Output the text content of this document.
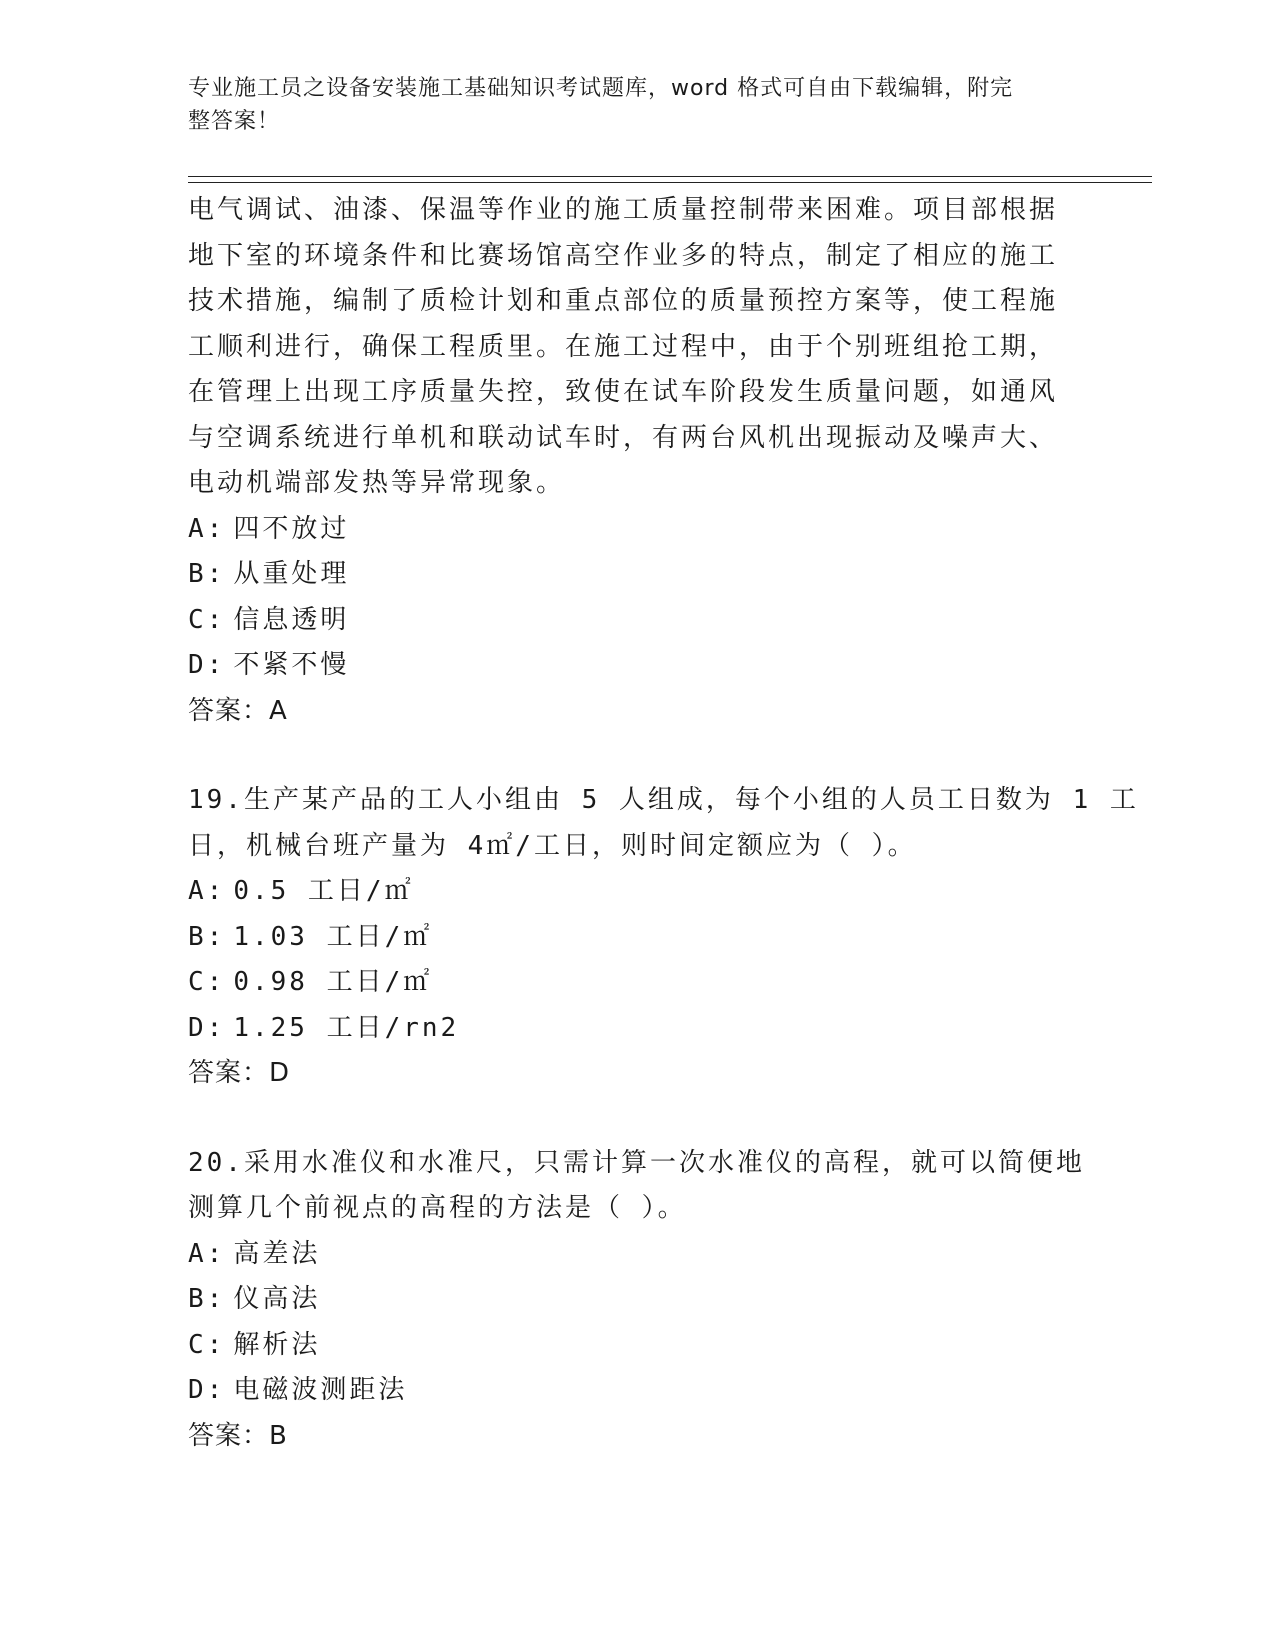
专业施工员之设备安装施工基础知识考试题库，word 格式可自由下载编辑，附完
整答案！
电气调试、油漆、保温等作业的施工质量控制带来困难。项目部根据
地下室的环境条件和比赛场馆高空作业多的特点，制定了相应的施工
技术措施，编制了质检计划和重点部位的质量预控方案等，使工程施
工顺利进行，确保工程质里。在施工过程中，由于个别班组抢工期，
在管理上出现工序质量失控，致使在试车阶段发生质量问题，如通风
与空调系统进行单机和联动试车时，有两台风机出现振动及噪声大、
电动机端部发热等异常现象。
A: 四不放过
B: 从重处理
C: 信息透明
D: 不紧不慢
答案：A
19.生产某产品的工人小组由 5 人组成，每个小组的人员工日数为 1 工
日，机械台班产量为 4㎡/工日，则时间定额应为（ ）。
A: 0.5 工日/㎡
B: 1.03 工日/㎡
C: 0.98 工日/㎡
D: 1.25 工日/rn2
答案：D
20.采用水准仪和水准尺，只需计算一次水准仪的高程，就可以简便地
测算几个前视点的高程的方法是（ ）。
A: 高差法
B: 仪高法
C: 解析法
D: 电磁波测距法
答案：B
